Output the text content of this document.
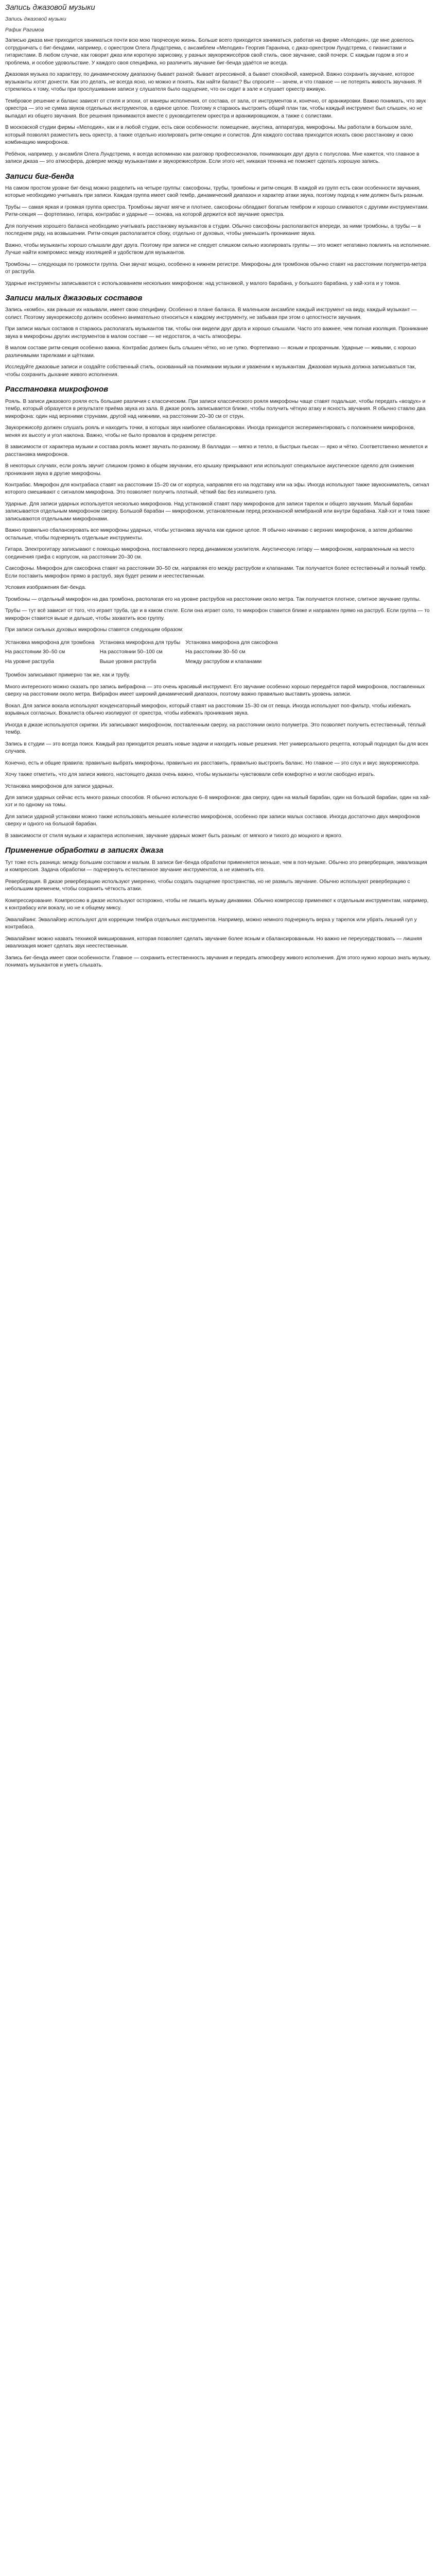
Запись джазовой музыки
Запись джазовой музыки
Рафик Рагимов

Записью джаза мне приходится заниматься почти всю мою творческую жизнь. Больше всего приходится заниматься, работая на фирме «Мелодия», где мне довелось сотрудничать с биг-бендами, например, с оркестром Олега Лундстрема, с ансамблем «Мелодия» Георгия Гараняна, с джаз-оркестром Лундстрема, с пианистами и гитаристами. В любом случае, как говорит джаз или короткую зарисовку, у разных звукорежиссёров свой стиль, свое звучание, свой почерк. С каждым годом в это и проблема, и особое удовольствие. У каждого своя специфика, но различить звучание биг-бенда удаётся не всегда.

Джазовая музыка по характеру, по динамическому диапазону бывает разной: бывает агрессивной, а бывает спокойной, камерной. Важно сохранить звучание, которое музыканты хотят донести. Как это делать, не всегда ясно, но можно и понять. Как найти баланс? Вы спросите — зачем, и что главное — не потерять живость звучания. Я стремлюсь к тому, чтобы при прослушивании записи у слушателя было ощущение, что он сидит в зале и слушает оркестр вживую.

Тембровое решение и баланс зависят от стиля и эпохи, от манеры исполнения, от состава, от зала, от инструментов и, конечно, от аранжировки. Важно понимать, что звук оркестра — это не сумма звуков отдельных инструментов, а единое целое. Поэтому я стараюсь выстроить общий план так, чтобы каждый инструмент был слышен, но не выпадал из общего звучания. Все решения принимаются вместе с руководителем оркестра и аранжировщиком, а также с солистами.

В московской студии фирмы «Мелодия», как и в любой студии, есть свои особенности: помещение, акустика, аппаратура, микрофоны. Мы работали в большом зале, который позволял разместить весь оркестр, а также отдельно изолировать ритм-секцию и солистов. Для каждого состава приходится искать свою расстановку и свою комбинацию микрофонов.

Ребёнок, например, у ансамбля Олега Лундстрема, я всегда вспоминаю как разговор профессионалов, понимающих друг друга с полуслова. Мне кажется, что главное в записи джаза — это атмосфера, доверие между музыкантами и звукорежиссёром. Если этого нет, никакая техника не поможет сделать хорошую запись.

Записи биг-бенда

На самом простом уровне биг-бенд можно разделить на четыре группы: саксофоны, трубы, тромбоны и ритм-секция. В каждой из групп есть свои особенности звучания, которые необходимо учитывать при записи. Каждая группа имеет свой тембр, динамический диапазон и характер атаки звука, поэтому подход к ним должен быть разным.

Трубы — самая яркая и громкая группа оркестра. Тромбоны звучат мягче и плотнее, саксофоны обладают богатым тембром и хорошо сливаются с другими инструментами. Ритм-секция — фортепиано, гитара, контрабас и ударные — основа, на которой держится всё звучание оркестра.

Для получения хорошего баланса необходимо учитывать расстановку музыкантов в студии. Обычно саксофоны располагаются впереди, за ними тромбоны, а трубы — в последнем ряду, на возвышении. Ритм-секция располагается сбоку, отдельно от духовых, чтобы уменьшить проникание звука.

Важно, чтобы музыканты хорошо слышали друг друга. Поэтому при записи не следует слишком сильно изолировать группы — это может негативно повлиять на исполнение. Лучше найти компромисс между изоляцией и удобством для музыкантов.

Тромбоны — следующая по громкости группа. Они звучат мощно, особенно в нижнем регистре. Микрофоны для тромбонов обычно ставят на расстоянии полуметра-метра от раструба.

Ударные инструменты записываются с использованием нескольких микрофонов: над установкой, у малого барабана, у большого барабана, у хай-хэта и у томов.

Записи малых джазовых составов

Запись «комбо», как раньше их называли, имеет свою специфику. Особенно в плане баланса. В маленьком ансамбле каждый инструмент на виду, каждый музыкант — солист. Поэтому звукорежиссёр должен особенно внимательно относиться к каждому инструменту, не забывая при этом о целостности звучания.

При записи малых составов я стараюсь располагать музыкантов так, чтобы они видели друг друга и хорошо слышали. Часто это важнее, чем полная изоляция. Проникание звука в микрофоны других инструментов в малом составе — не недостаток, а часть атмосферы.

В малом составе ритм-секция особенно важна. Контрабас должен быть слышен чётко, но не гулко. Фортепиано — ясным и прозрачным. Ударные — живыми, с хорошо различимыми тарелками и щётками.

Исследуйте джазовые записи и создайте собственный стиль, основанный на понимании музыки и уважении к музыкантам. Джазовая музыка должна записываться так, чтобы сохранить дыхание живого исполнения.

Расстановка микрофонов

Рояль. В записи джазового рояля есть большие различия с классическим. При записи классического рояля микрофоны чаще ставят подальше, чтобы передать «воздух» и тембр, который образуется в результате приёма звука из зала. В джазе рояль записывается ближе, чтобы получить чёткую атаку и ясность звучания. Я обычно ставлю два микрофона: один над верхними струнами, другой над нижними, на расстоянии 20–30 см от струн.

Звукорежиссёр должен слушать рояль и находить точки, в которых звук наиболее сбалансирован. Иногда приходится экспериментировать с положением микрофонов, меняя их высоту и угол наклона. Важно, чтобы не было провалов в среднем регистре.

В зависимости от характера музыки и состава рояль может звучать по-разному. В балладах — мягко и тепло, в быстрых пьесах — ярко и чётко. Соответственно меняется и расстановка микрофонов.

В некоторых случаях, если рояль звучит слишком громко в общем звучании, его крышку прикрывают или используют специальное акустическое одеяло для снижения проникания звука в другие микрофоны.

Контрабас. Микрофон для контрабаса ставят на расстоянии 15–20 см от корпуса, направляя его на подставку или на эфы. Иногда используют также звукосниматель, сигнал которого смешивают с сигналом микрофона. Это позволяет получить плотный, чёткий бас без излишнего гула.

Ударные. Для записи ударных используется несколько микрофонов. Над установкой ставят пару микрофонов для записи тарелок и общего звучания. Малый барабан записывается отдельным микрофоном сверху. Большой барабан — микрофоном, установленным перед резонансной мембраной или внутри барабана. Хай-хэт и тома также записываются отдельными микрофонами.

Важно правильно сбалансировать все микрофоны ударных, чтобы установка звучала как единое целое. Я обычно начинаю с верхних микрофонов, а затем добавляю остальные, чтобы подчеркнуть отдельные инструменты.

Гитара. Электрогитару записывают с помощью микрофона, поставленного перед динамиком усилителя. Акустическую гитару — микрофоном, направленным на место соединения грифа с корпусом, на расстоянии 20–30 см.

Саксофоны. Микрофон для саксофона ставят на расстоянии 30–50 см, направляя его между раструбом и клапанами. Так получается более естественный и полный тембр. Если поставить микрофон прямо в раструб, звук будет резким и неестественным.

Условия изображения биг-бенда.

Тромбоны — отдельный микрофон на два тромбона, располагая его на уровне раструбов на расстоянии около метра. Так получается плотное, слитное звучание группы.

Трубы — тут всё зависит от того, что играет труба, где и в каком стиле. Если она играет соло, то микрофон ставится ближе и направлен прямо на раструб. Если группа — то микрофон ставится выше и дальше, чтобы захватить всю группу.

При записи сильных духовых микрофоны ставятся следующим образом:

Установка микрофона для тромбона	Установка микрофона для трубы	Установка микрофона для саксофона
На расстоянии 30–50 см	На расстоянии 50–100 см	На расстоянии 30–50 см
На уровне раструба	Выше уровня раструба	Между раструбом и клапанами

Тромбон записывают примерно так же, как и трубу.

Много интересного можно сказать про запись вибрафона — это очень красивый инструмент. Его звучание особенно хорошо передаётся парой микрофонов, поставленных сверху на расстоянии около метра. Вибрафон имеет широкий динамический диапазон, поэтому важно правильно выставить уровень записи.

Вокал. Для записи вокала используют конденсаторный микрофон, который ставят на расстоянии 15–30 см от певца. Иногда используют поп-фильтр, чтобы избежать взрывных согласных. Вокалиста обычно изолируют от оркестра, чтобы избежать проникания звука.

Иногда в джазе используются скрипки. Их записывают микрофоном, поставленным сверху, на расстоянии около полуметра. Это позволяет получить естественный, тёплый тембр.

Запись в студии — это всегда поиск. Каждый раз приходится решать новые задачи и находить новые решения. Нет универсального рецепта, который подходил бы для всех случаев.

Конечно, есть и общие правила: правильно выбрать микрофоны, правильно их расставить, правильно выстроить баланс. Но главное — это слух и вкус звукорежиссёра.

Хочу также отметить, что для записи живого, настоящего джаза очень важно, чтобы музыканты чувствовали себя комфортно и могли свободно играть.

Установка микрофонов для записи ударных.

Для записи ударных сейчас есть много разных способов. Я обычно использую 6–8 микрофонов: два сверху, один на малый барабан, один на большой барабан, один на хай-хэт и по одному на томы.

Для записи ударной установки можно также использовать меньшее количество микрофонов, особенно при записи малых составов. Иногда достаточно двух микрофонов сверху и одного на большой барабан.

В зависимости от стиля музыки и характера исполнения, звучание ударных может быть разным: от мягкого и тихого до мощного и яркого.

Применение обработки в записях джаза

Тут тоже есть разница: между большим составом и малым. В записи биг-бенда обработки применяется меньше, чем в поп-музыке. Обычно это реверберация, эквализация и компрессия. Задача обработки — подчеркнуть естественное звучание инструментов, а не изменить его.

Реверберация. В джазе реверберацию используют умеренно, чтобы создать ощущение пространства, но не размыть звучание. Обычно используют реверберацию с небольшим временем, чтобы сохранить чёткость атаки.

Компрессирование. Компрессию в джазе используют осторожно, чтобы не лишить музыку динамики. Обычно компрессор применяют к отдельным инструментам, например, к контрабасу или вокалу, но не к общему миксу.

Эквалайзинг. Эквалайзер используют для коррекции тембра отдельных инструментов. Например, можно немного подчеркнуть верха у тарелок или убрать лишний гул у контрабаса.

Эквалайзинг можно назвать техникой микширования, которая позволяет сделать звучание более ясным и сбалансированным. Но важно не переусердствовать — лишняя эквализация может сделать звук неестественным.

Запись биг-бенда имеет свои особенности. Главное — сохранить естественность звучания и передать атмосферу живого исполнения. Для этого нужно хорошо знать музыку, понимать музыкантов и уметь слышать.
